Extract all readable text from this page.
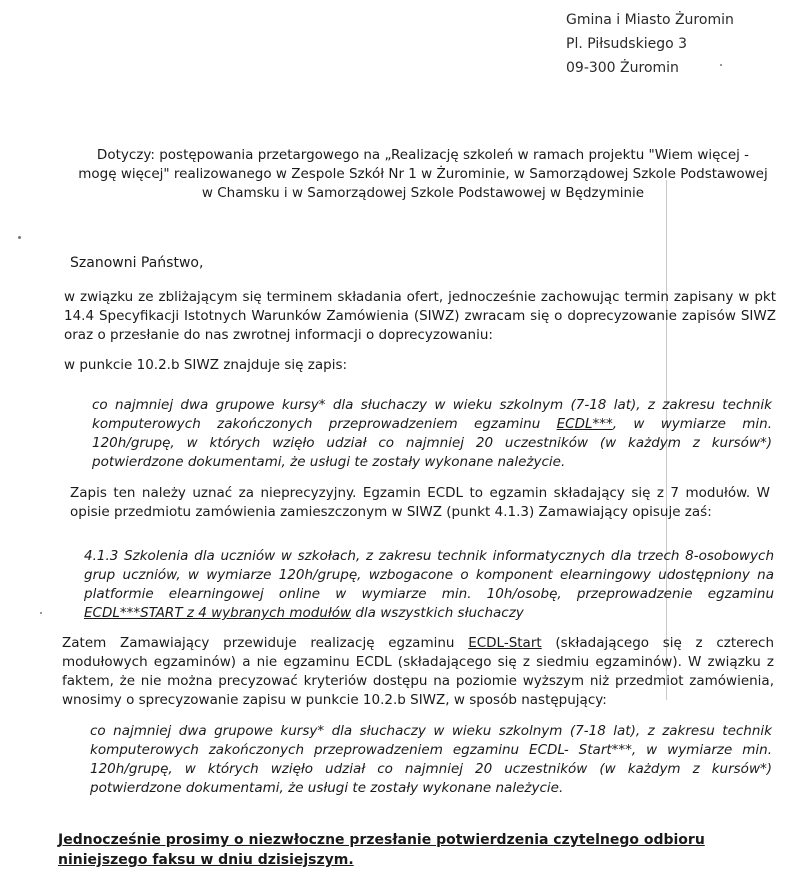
Gmina i Miasto Żuromin
Pl. Piłsudskiego 3
09-300 Żuromin
Dotyczy: postępowania przetargowego na „Realizację szkoleń w ramach projektu "Wiem więcej - mogę więcej" realizowanego w Zespole Szkół Nr 1 w Żurominie, w Samorządowej Szkole Podstawowej w Chamsku i w Samorządowej Szkole Podstawowej w Będzyminie
Szanowni Państwo,
w związku ze zbliżającym się terminem składania ofert, jednocześnie zachowując termin zapisany w pkt 14.4 Specyfikacji Istotnych Warunków Zamówienia (SIWZ) zwracam się o doprecyzowanie zapisów SIWZ oraz o przesłanie do nas zwrotnej informacji o doprecyzowaniu:
w punkcie 10.2.b SIWZ znajduje się zapis:
co najmniej dwa grupowe kursy* dla słuchaczy w wieku szkolnym (7-18 lat), z zakresu technik komputerowych zakończonych przeprowadzeniem egzaminu ECDL***, w wymiarze min. 120h/grupę, w których wzięło udział co najmniej 20 uczestników (w każdym z kursów*) potwierdzone dokumentami, że usługi te zostały wykonane należycie.
Zapis ten należy uznać za nieprecyzyjny. Egzamin ECDL to egzamin składający się z 7 modułów. W opisie przedmiotu zamówienia zamieszczonym w SIWZ (punkt 4.1.3) Zamawiający opisuje zaś:
4.1.3 Szkolenia dla uczniów w szkołach, z zakresu technik informatycznych dla trzech 8-osobowych grup uczniów, w wymiarze 120h/grupę, wzbogacone o komponent elearningowy udostępniony na platformie elearningowej online w wymiarze min. 10h/osobę, przeprowadzenie egzaminu ECDL***START z 4 wybranych modułów dla wszystkich słuchaczy
Zatem Zamawiający przewiduje realizację egzaminu ECDL-Start (składającego się z czterech modułowych egzaminów) a nie egzaminu ECDL (składającego się z siedmiu egzaminów). W związku z faktem, że nie można precyzować kryteriów dostępu na poziomie wyższym niż przedmiot zamówienia, wnosimy o sprecyzowanie zapisu w punkcie 10.2.b SIWZ, w sposób następujący:
co najmniej dwa grupowe kursy* dla słuchaczy w wieku szkolnym (7-18 lat), z zakresu technik komputerowych zakończonych przeprowadzeniem egzaminu ECDL- Start***, w wymiarze min. 120h/grupę, w których wzięło udział co najmniej 20 uczestników (w każdym z kursów*) potwierdzone dokumentami, że usługi te zostały wykonane należycie.
Jednocześnie prosimy o niezwłoczne przesłanie potwierdzenia czytelnego odbioru niniejszego faksu w dniu dzisiejszym.
